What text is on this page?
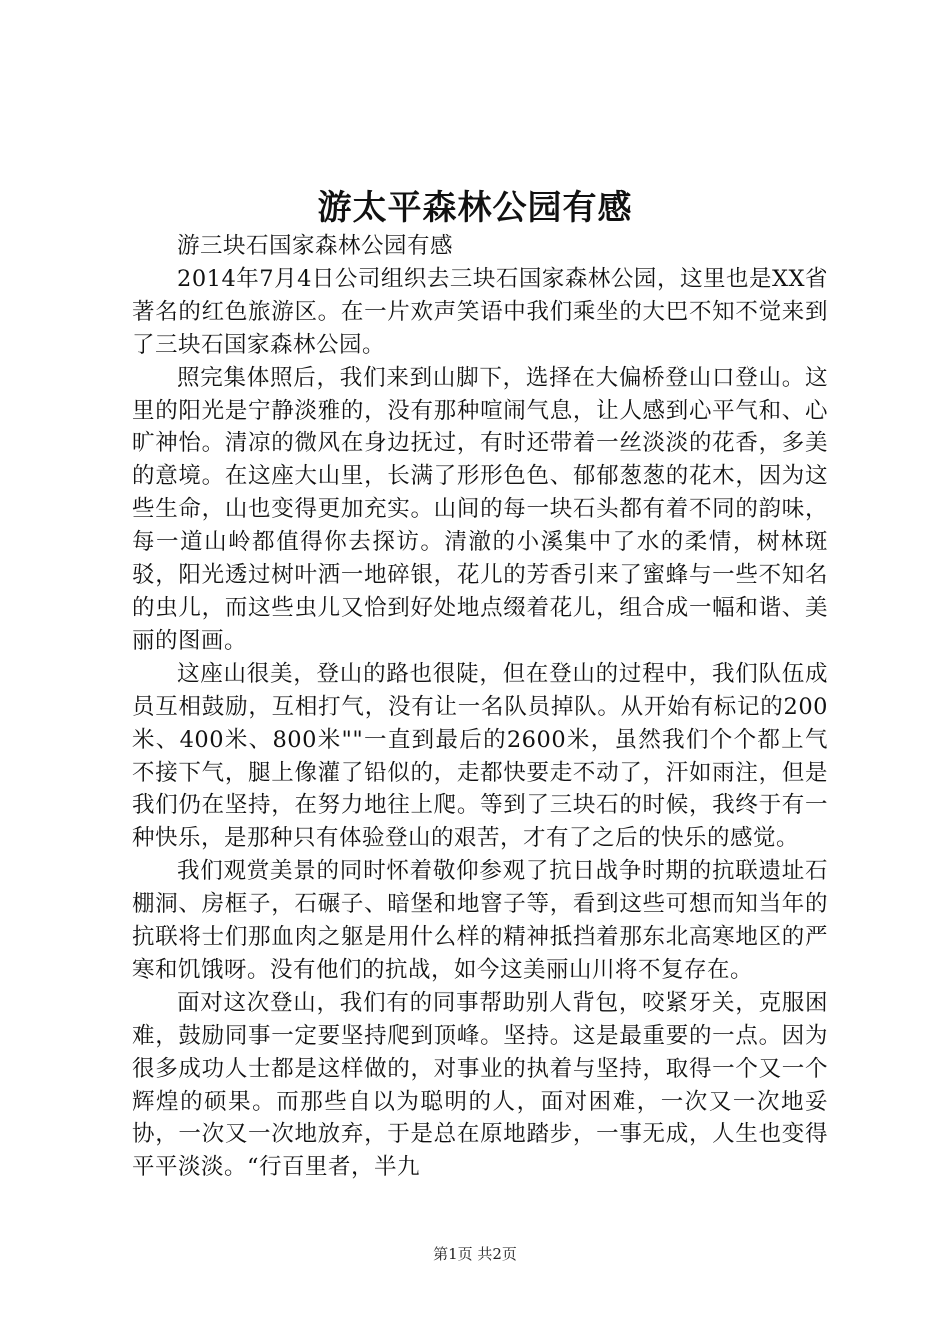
游太平森林公园有感

游三块石国家森林公园有感

2014年7月4日公司组织去三块石国家森林公园，这里也是XX省著名的红色旅游区。在一片欢声笑语中我们乘坐的大巴不知不觉来到了三块石国家森林公园。

照完集体照后，我们来到山脚下，选择在大偏桥登山口登山。这里的阳光是宁静淡雅的，没有那种喧闹气息，让人感到心平气和、心旷神怡。清凉的微风在身边抚过，有时还带着一丝淡淡的花香，多美的意境。在这座大山里，长满了形形色色、郁郁葱葱的花木，因为这些生命，山也变得更加充实。山间的每一块石头都有着不同的韵味，每一道山岭都值得你去探访。清澈的小溪集中了水的柔情，树林斑驳，阳光透过树叶洒一地碎银，花儿的芳香引来了蜜蜂与一些不知名的虫儿，而这些虫儿又恰到好处地点缀着花儿，组合成一幅和谐、美丽的图画。

这座山很美，登山的路也很陡，但在登山的过程中，我们队伍成员互相鼓励，互相打气，没有让一名队员掉队。从开始有标记的200米、400米、800米""一直到最后的2600米，虽然我们个个都上气不接下气，腿上像灌了铅似的，走都快要走不动了，汗如雨注，但是我们仍在坚持，在努力地往上爬。等到了三块石的时候，我终于有一种快乐，是那种只有体验登山的艰苦，才有了之后的快乐的感觉。

我们观赏美景的同时怀着敬仰参观了抗日战争时期的抗联遗址石棚洞、房框子，石碾子、暗堡和地窨子等，看到这些可想而知当年的抗联将士们那血肉之躯是用什么样的精神抵挡着那东北高寒地区的严寒和饥饿呀。没有他们的抗战，如今这美丽山川将不复存在。

面对这次登山，我们有的同事帮助别人背包，咬紧牙关，克服困难，鼓励同事一定要坚持爬到顶峰。坚持。这是最重要的一点。因为很多成功人士都是这样做的，对事业的执着与坚持，取得一个又一个辉煌的硕果。而那些自以为聪明的人，面对困难，一次又一次地妥协，一次又一次地放弃，于是总在原地踏步，一事无成，人生也变得平平淡淡。“行百里者，半九

第1页 共2页
